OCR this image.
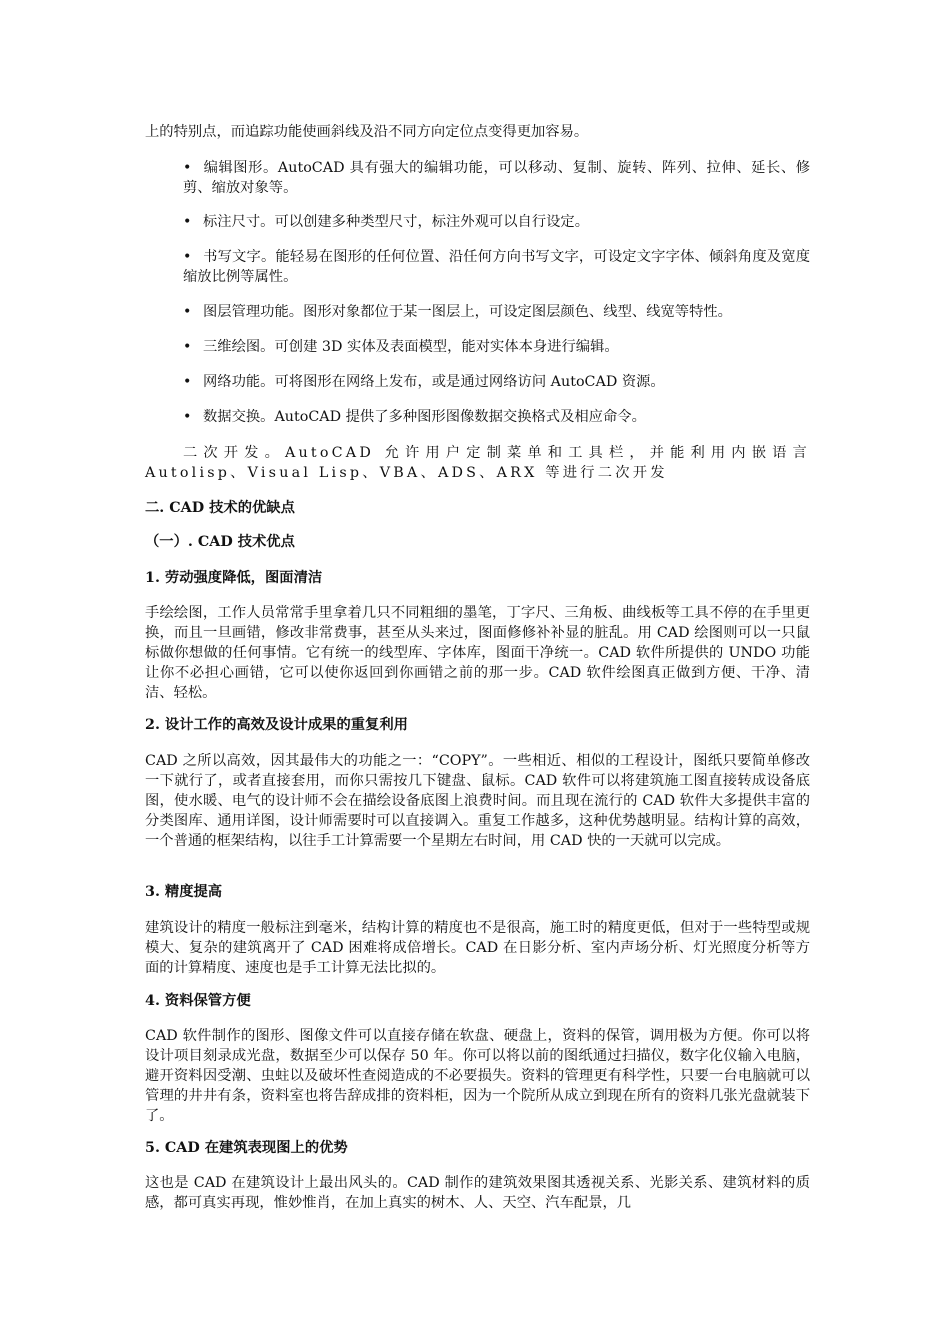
上的特别点，而追踪功能使画斜线及沿不同方向定位点变得更加容易。

• 编辑图形。AutoCAD 具有强大的编辑功能，可以移动、复制、旋转、阵列、拉伸、延长、修剪、缩放对象等。

• 标注尺寸。可以创建多种类型尺寸，标注外观可以自行设定。

• 书写文字。能轻易在图形的任何位置、沿任何方向书写文字，可设定文字字体、倾斜角度及宽度缩放比例等属性。

• 图层管理功能。图形对象都位于某一图层上，可设定图层颜色、线型、线宽等特性。

• 三维绘图。可创建 3D 实体及表面模型，能对实体本身进行编辑。

• 网络功能。可将图形在网络上发布，或是通过网络访问 AutoCAD 资源。

• 数据交换。AutoCAD 提供了多种图形图像数据交换格式及相应命令。

二次开发。AutoCAD 允许用户定制菜单和工具栏，并能利用内嵌语言 Autolisp、Visual Lisp、VBA、ADS、ARX 等进行二次开发

二. CAD 技术的优缺点
（一）. CAD 技术优点
1. 劳动强度降低，图面清洁

手绘绘图，工作人员常常手里拿着几只不同粗细的墨笔，丁字尺、三角板、曲线板等工具不停的在手里更换，而且一旦画错，修改非常费事，甚至从头来过，图面修修补补显的脏乱。用 CAD 绘图则可以一只鼠标做你想做的任何事情。它有统一的线型库、字体库，图面干净统一。CAD 软件所提供的 UNDO 功能让你不必担心画错，它可以使你返回到你画错之前的那一步。CAD 软件绘图真正做到方便、干净、清洁、轻松。

2. 设计工作的高效及设计成果的重复利用

CAD 之所以高效，因其最伟大的功能之一：“COPY”。一些相近、相似的工程设计，图纸只要简单修改一下就行了，或者直接套用，而你只需按几下键盘、鼠标。CAD 软件可以将建筑施工图直接转成设备底图，使水暖、电气的设计师不会在描绘设备底图上浪费时间。而且现在流行的 CAD 软件大多提供丰富的分类图库、通用详图，设计师需要时可以直接调入。重复工作越多，这种优势越明显。结构计算的高效，一个普通的框架结构，以往手工计算需要一个星期左右时间，用 CAD 快的一天就可以完成。

3. 精度提高

建筑设计的精度一般标注到毫米，结构计算的精度也不是很高，施工时的精度更低，但对于一些特型或规模大、复杂的建筑离开了 CAD 困难将成倍增长。CAD 在日影分析、室内声场分析、灯光照度分析等方面的计算精度、速度也是手工计算无法比拟的。

4. 资料保管方便

CAD 软件制作的图形、图像文件可以直接存储在软盘、硬盘上，资料的保管，调用极为方便。你可以将设计项目刻录成光盘，数据至少可以保存 50 年。你可以将以前的图纸通过扫描仪，数字化仪输入电脑，避开资料因受潮、虫蛀以及破坏性查阅造成的不必要损失。资料的管理更有科学性，只要一台电脑就可以管理的井井有条，资料室也将告辞成排的资料柜，因为一个院所从成立到现在所有的资料几张光盘就装下了。

5. CAD 在建筑表现图上的优势

这也是 CAD 在建筑设计上最出风头的。CAD 制作的建筑效果图其透视关系、光影关系、建筑材料的质感，都可真实再现，惟妙惟肖，在加上真实的树木、人、天空、汽车配景，几
